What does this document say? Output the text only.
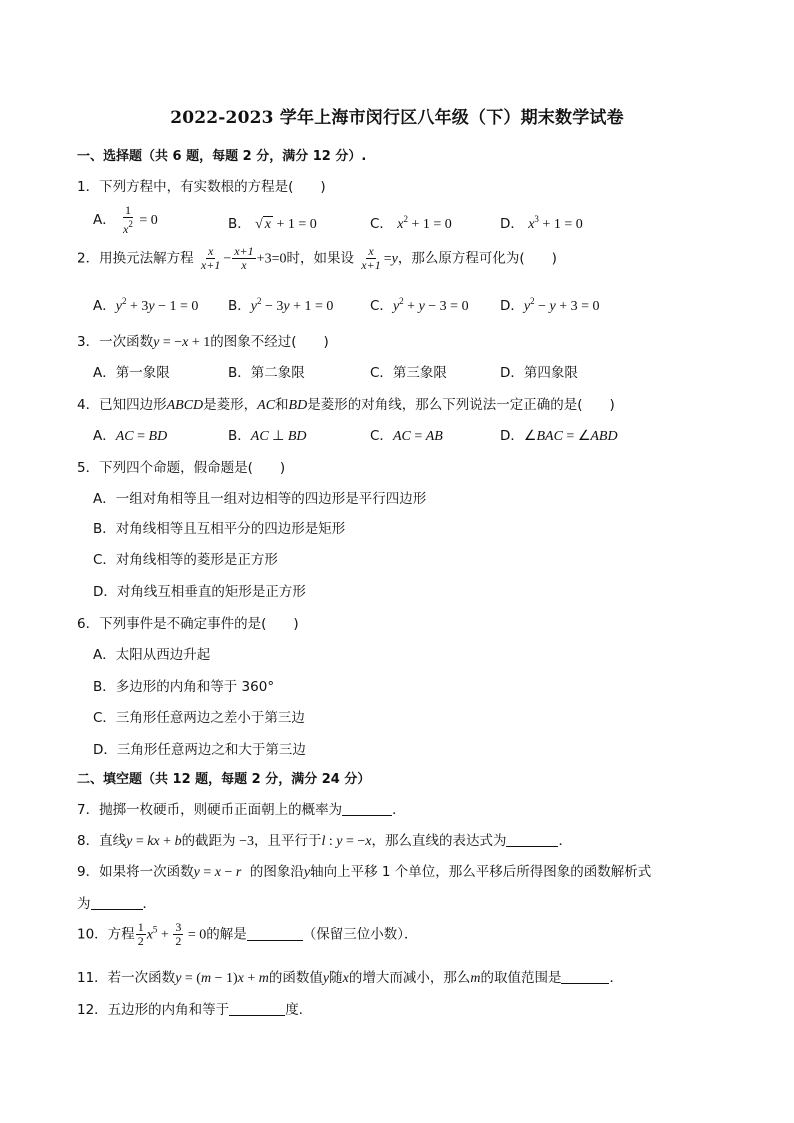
2022-2023 学年上海市闵行区八年级（下）期末数学试卷
一、选择题（共 6 题，每题 2 分，满分 12 分）.
1．下列方程中，有实数根的方程是(　　)
A． $\frac{1}{x^2} = 0$	B． √ x + 1 = 0	C． $x^2 + 1 = 0$	D． $x^3 + 1 = 0$
2．用换元法解方程 $\frac{x}{x+1} - \frac{x+1}{x} +3=0$时，如果设 $\frac{x}{x+1} =y$，那么原方程可化为(　　)
A．$y^2 + 3y - 1 = 0$ B．$y^2 - 3y + 1 = 0$	C．$y^2 + y - 3 = 0$ D．$y^2 - y + 3 = 0$
3．一次函数y = −x + 1的图象不经过(　　)
A．第一象限	B．第二象限	C．第三象限	D．第四象限
4．已知四边形ABCD是菱形，AC和BD是菱形的对角线，那么下列说法一定正确的是(　　)
A．AC = BD	B．AC ⊥ BD	C．AC = AB	D．∠BAC = ∠ABD
5．下列四个命题，假命题是(　　)
A．一组对角相等且一组对边相等的四边形是平行四边形
B．对角线相等且互相平分的四边形是矩形
C．对角线相等的菱形是正方形
D．对角线互相垂直的矩形是正方形
6．下列事件是不确定事件的是(　　)
A．太阳从西边升起
B．多边形的内角和等于 360°
C．三角形任意两边之差小于第三边
D．三角形任意两边之和大于第三边
二、填空题（共 12 题，每题 2 分，满分 24 分）
7．抛掷一枚硬币，则硬币正面朝上的概率为	．
8．直线y = kx + b的截距为 −3，且平行于l : y = −x，那么直线的表达式为	．
9．如果将一次函数y = x − r 的图象沿y轴向上平移 1 个单位，那么平移后所得图象的函数解析式
为	．
10．方程 $\frac{1}{2} x^5 + \frac{3}{2} = 0$的解是	（保留三位小数）．
11．若一次函数y = (m − 1)x + m的函数值y随x的增大而减小，那么m的取值范围是	．
12．五边形的内角和等于	度.
